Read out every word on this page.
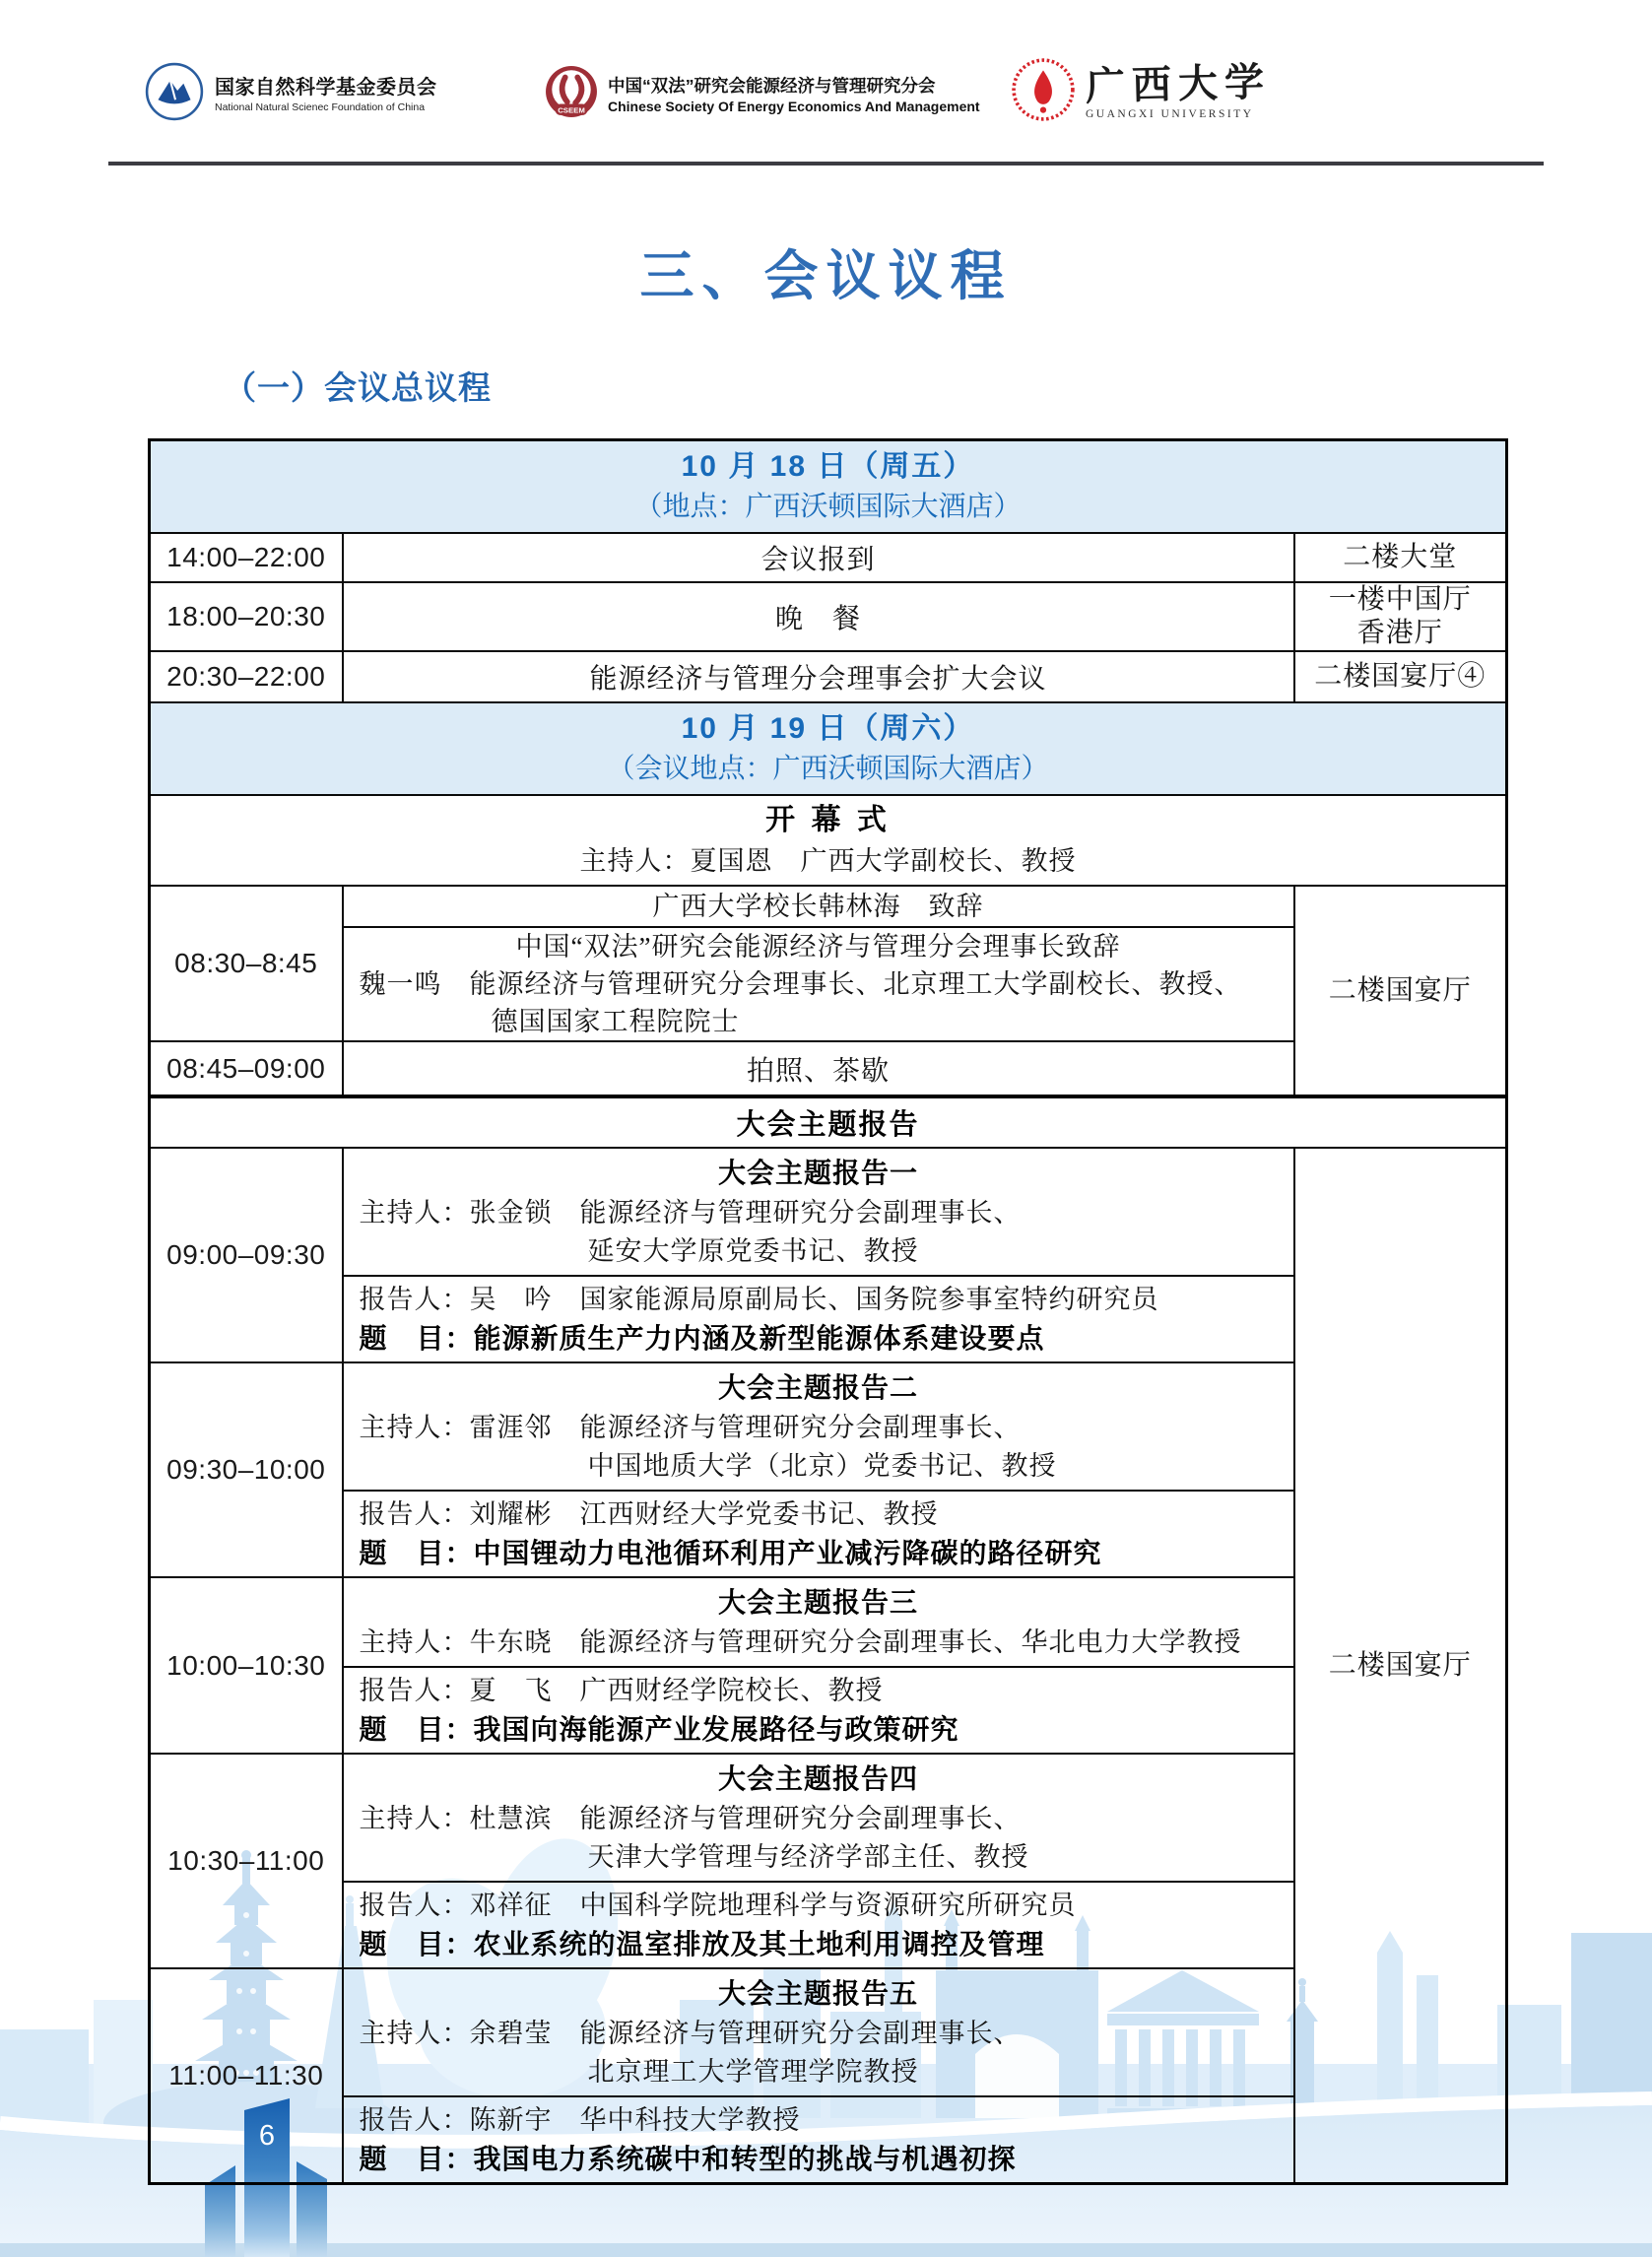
国家自然科学基金委员会
National Natural Scienec Foundation of China	CSEEM
中国“双法”研究会能源经济与管理研究分会
Chinese Society Of Energy Economics And Management	广西大学
GUANGXI UNIVERSITY
三、会议议程
（一）会议总议程
10 月 18 日（周五）
（地点：广西沃顿国际大酒店）		

14:00–22:00	会议报到	二楼大堂
18:00–20:30	晚　餐	一楼中国厅
香港厅

20:30–22:00	能源经济与管理分会理事会扩大会议	二楼国宴厅④

10 月 19 日（周六）
（会议地点：广西沃顿国际大酒店）		

开 幕 式
主持人：夏国恩　广西大学副校长、教授		

08:30–8:45	广西大学校长韩林海　致辞	二楼国宴厅

	中国“双法”研究会能源经济与管理分会理事长致辞
魏一鸣　能源经济与管理研究分会理事长、北京理工大学副校长、教授、
德国国家工程院院士	

08:45–09:00	拍照、茶歇	
大会主题报告		
09:00–09:30	大会主题报告一
主持人：张金锁　能源经济与管理研究分会副理事长、
延安大学原党委书记、教授	二楼国宴厅

	报告人：吴　吟　国家能源局原副局长、国务院参事室特约研究员
题　目：能源新质生产力内涵及新型能源体系建设要点	

09:30–10:00	大会主题报告二
主持人：雷涯邻　能源经济与管理研究分会副理事长、
中国地质大学（北京）党委书记、教授	

	报告人：刘耀彬　江西财经大学党委书记、教授
题　目：中国锂动力电池循环利用产业减污降碳的路径研究	

10:00–10:30	大会主题报告三
主持人：牛东晓　能源经济与管理研究分会副理事长、华北电力大学教授	

	报告人：夏　飞　广西财经学院校长、教授
题　目：我国向海能源产业发展路径与政策研究	

10:30–11:00	大会主题报告四
主持人：杜慧滨　能源经济与管理研究分会副理事长、
天津大学管理与经济学部主任、教授	

	报告人：邓祥征　中国科学院地理科学与资源研究所研究员
题　目：农业系统的温室排放及其土地利用调控及管理	

11:00–11:30	大会主题报告五
主持人：余碧莹　能源经济与管理研究分会副理事长、
北京理工大学管理学院教授	

	报告人：陈新宇　华中科技大学教授
题　目：我国电力系统碳中和转型的挑战与机遇初探	
6
